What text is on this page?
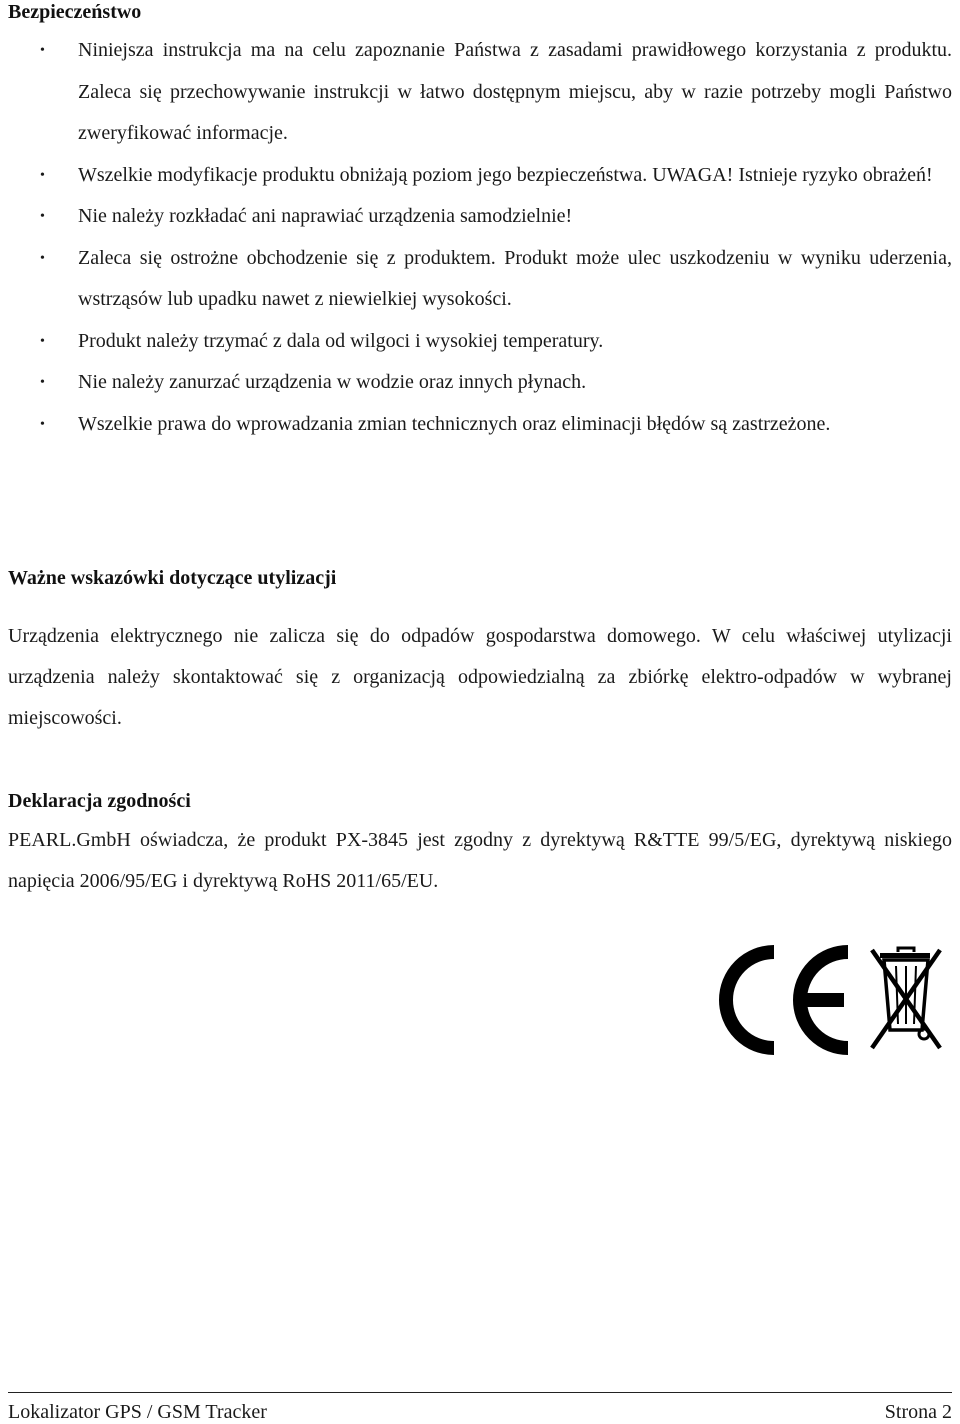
Bezpieczeństwo
• Niniejsza instrukcja ma na celu zapoznanie Państwa z zasadami prawidłowego korzystania z produktu. Zaleca się przechowywanie instrukcji w łatwo dostępnym miejscu, aby w razie potrzeby mogli Państwo zweryfikować informacje.
• Wszelkie modyfikacje produktu obniżają poziom jego bezpieczeństwa. UWAGA! Istnieje ryzyko obrażeń!
• Nie należy rozkładać ani naprawiać urządzenia samodzielnie!
• Zaleca się ostrożne obchodzenie się z produktem. Produkt może ulec uszkodzeniu w wyniku uderzenia, wstrząsów lub upadku nawet z niewielkiej wysokości.
• Produkt należy trzymać z dala od wilgoci i wysokiej temperatury.
• Nie należy zanurzać urządzenia w wodzie oraz innych płynach.
• Wszelkie prawa do wprowadzania zmian technicznych oraz eliminacji błędów są zastrzeżone.
Ważne wskazówki dotyczące utylizacji

Urządzenia elektrycznego nie zalicza się do odpadów gospodarstwa domowego. W celu właściwej utylizacji urządzenia należy skontaktować się z organizacją odpowiedzialną za zbiórkę elektro-odpadów w wybranej miejscowości.

Deklaracja zgodności

PEARL.GmbH oświadcza, że produkt PX-3845 jest zgodny z dyrektywą R&TTE 99/5/EG, dyrektywą niskiego napięcia 2006/95/EG i dyrektywą RoHS 2011/65/EU.

Lokalizator GPS / GSM Tracker	Strona 2
